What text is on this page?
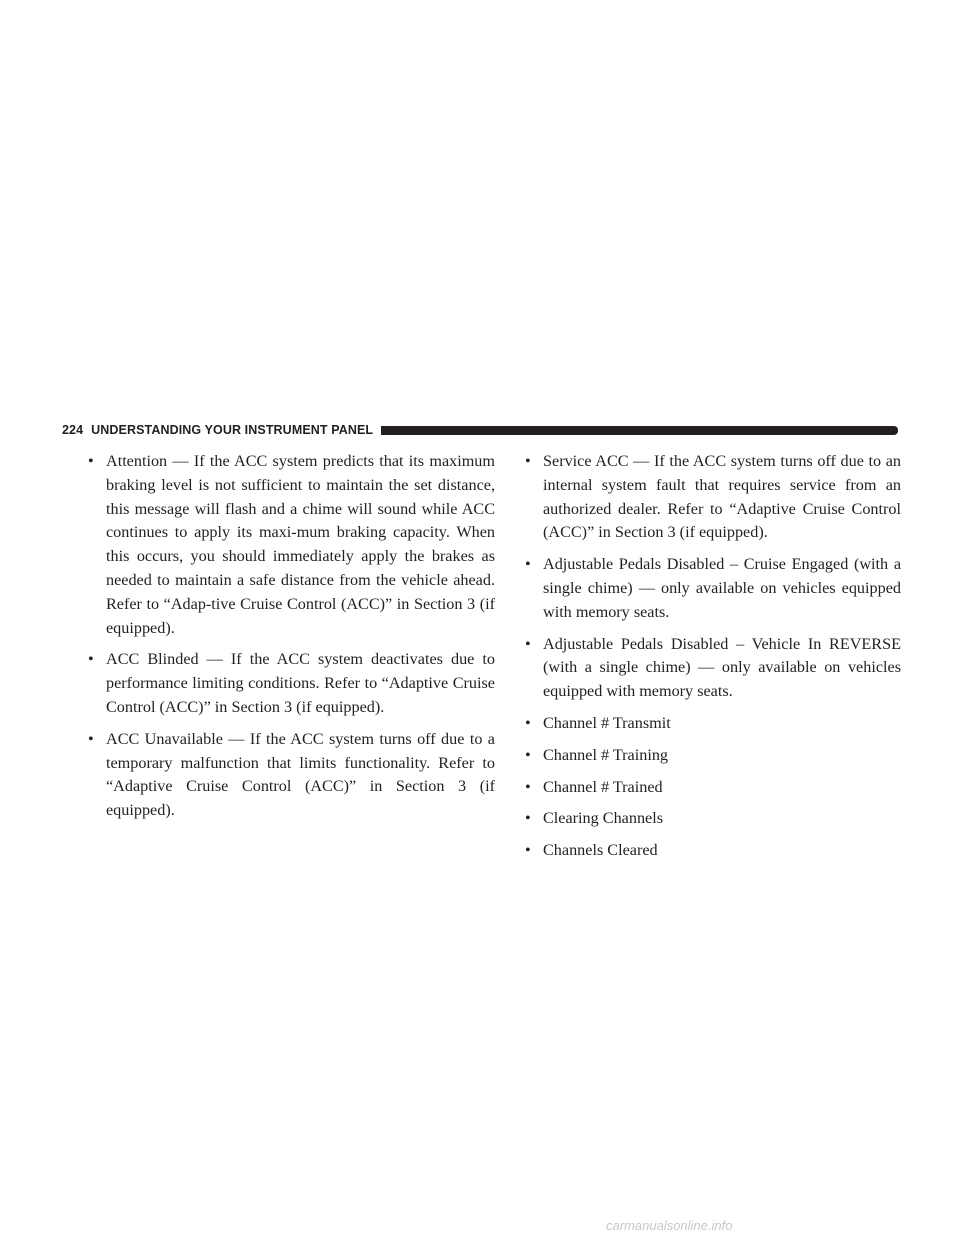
224 UNDERSTANDING YOUR INSTRUMENT PANEL
• Attention — If the ACC system predicts that its maximum braking level is not sufficient to maintain the set distance, this message will flash and a chime will sound while ACC continues to apply its maxi-mum braking capacity. When this occurs, you should immediately apply the brakes as needed to maintain a safe distance from the vehicle ahead. Refer to “Adap-tive Cruise Control (ACC)” in Section 3 (if equipped).
• ACC Blinded — If the ACC system deactivates due to performance limiting conditions. Refer to “Adaptive Cruise Control (ACC)” in Section 3 (if equipped).
• ACC Unavailable — If the ACC system turns off due to a temporary malfunction that limits functionality. Refer to “Adaptive Cruise Control (ACC)” in Section 3 (if equipped).
• Service ACC — If the ACC system turns off due to an internal system fault that requires service from an authorized dealer. Refer to “Adaptive Cruise Control (ACC)” in Section 3 (if equipped).
• Adjustable Pedals Disabled – Cruise Engaged (with a single chime) — only available on vehicles equipped with memory seats.
• Adjustable Pedals Disabled – Vehicle In REVERSE (with a single chime) — only available on vehicles equipped with memory seats.
• Channel # Transmit
• Channel # Training
• Channel # Trained
• Clearing Channels
• Channels Cleared
carmanualsonline.info
